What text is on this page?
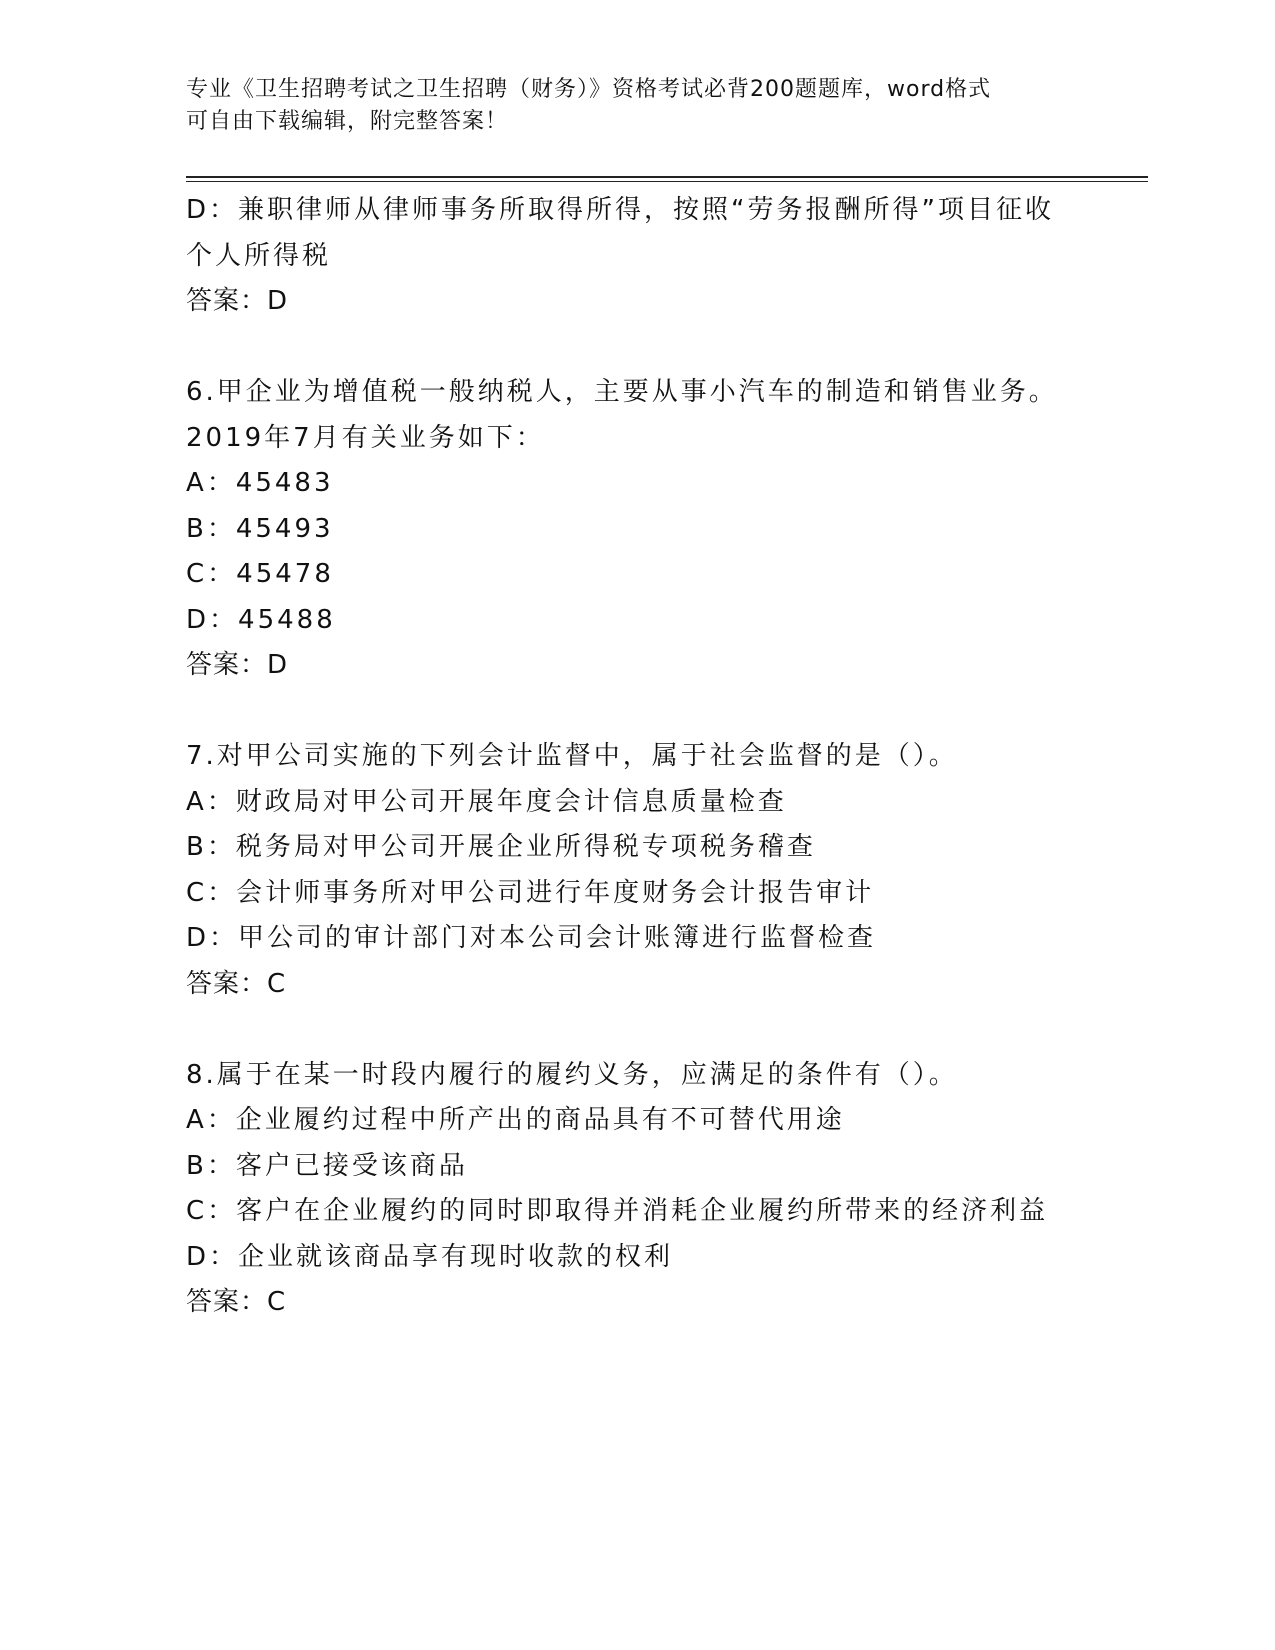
专业《卫生招聘考试之卫生招聘（财务）》资格考试必背200题题库，word格式
可自由下载编辑，附完整答案！
D：兼职律师从律师事务所取得所得，按照“劳务报酬所得”项目征收
个人所得税
答案：D
6.甲企业为增值税一般纳税人，主要从事小汽车的制造和销售业务。
2019年7月有关业务如下：
A：45483
B：45493
C：45478
D：45488
答案：D
7.对甲公司实施的下列会计监督中，属于社会监督的是（）。
A：财政局对甲公司开展年度会计信息质量检查
B：税务局对甲公司开展企业所得税专项税务稽查
C：会计师事务所对甲公司进行年度财务会计报告审计
D：甲公司的审计部门对本公司会计账簿进行监督检查
答案：C
8.属于在某一时段内履行的履约义务，应满足的条件有（）。
A：企业履约过程中所产出的商品具有不可替代用途
B：客户已接受该商品
C：客户在企业履约的同时即取得并消耗企业履约所带来的经济利益
D：企业就该商品享有现时收款的权利
答案：C
